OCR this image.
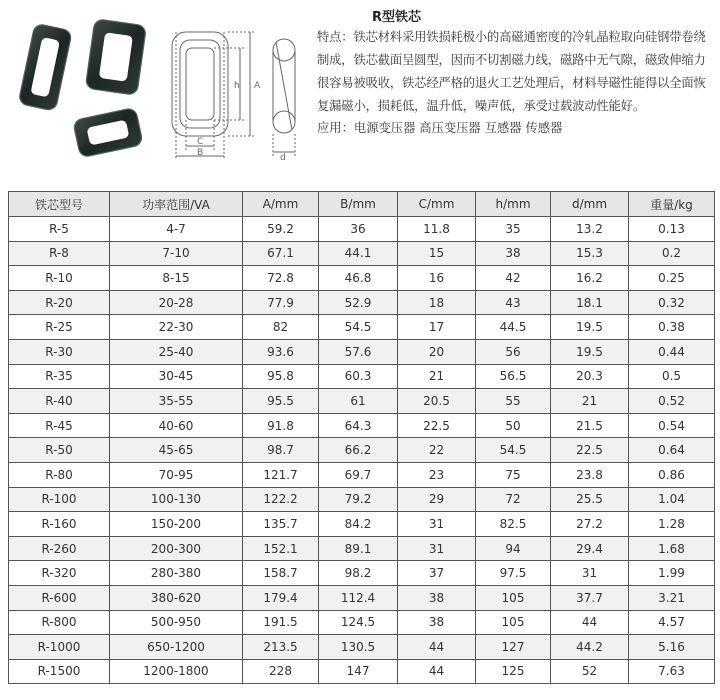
h A
C
B	d
R型铁芯

特点：铁芯材料采用铁损耗极小的高磁通密度的冷轧晶粒取向硅钢带卷绕制成，铁芯截面呈圆型，因而不切割磁力线，磁路中无气隙，磁致伸缩力很容易被吸收，铁芯经严格的退火工艺处理后，材料导磁性能得以全面恢复漏磁小，损耗低，温升低，噪声低，承受过载波动性能好。

应用：电源变压器 高压变压器 互感器 传感器
铁芯型号	功率范围/VA	A/mm	B/mm	C/mm	h/mm	d/mm	重量/kg
R-5	4-7	59.2	36	11.8	35	13.2	0.13
R-8	7-10	67.1	44.1	15	38	15.3	0.2
R-10	8-15	72.8	46.8	16	42	16.2	0.25
R-20	20-28	77.9	52.9	18	43	18.1	0.32
R-25	22-30	82	54.5	17	44.5	19.5	0.38
R-30	25-40	93.6	57.6	20	56	19.5	0.44
R-35	30-45	95.8	60.3	21	56.5	20.3	0.5
R-40	35-55	95.5	61	20.5	55	21	0.52
R-45	40-60	91.8	64.3	22.5	50	21.5	0.54
R-50	45-65	98.7	66.2	22	54.5	22.5	0.64
R-80	70-95	121.7	69.7	23	75	23.8	0.86
R-100	100-130	122.2	79.2	29	72	25.5	1.04
R-160	150-200	135.7	84.2	31	82.5	27.2	1.28
R-260	200-300	152.1	89.1	31	94	29.4	1.68
R-320	280-380	158.7	98.2	37	97.5	31	1.99
R-600	380-620	179.4	112.4	38	105	37.7	3.21
R-800	500-950	191.5	124.5	38	105	44	4.57
R-1000	650-1200	213.5	130.5	44	127	44.2	5.16
R-1500	1200-1800	228	147	44	125	52	7.63
